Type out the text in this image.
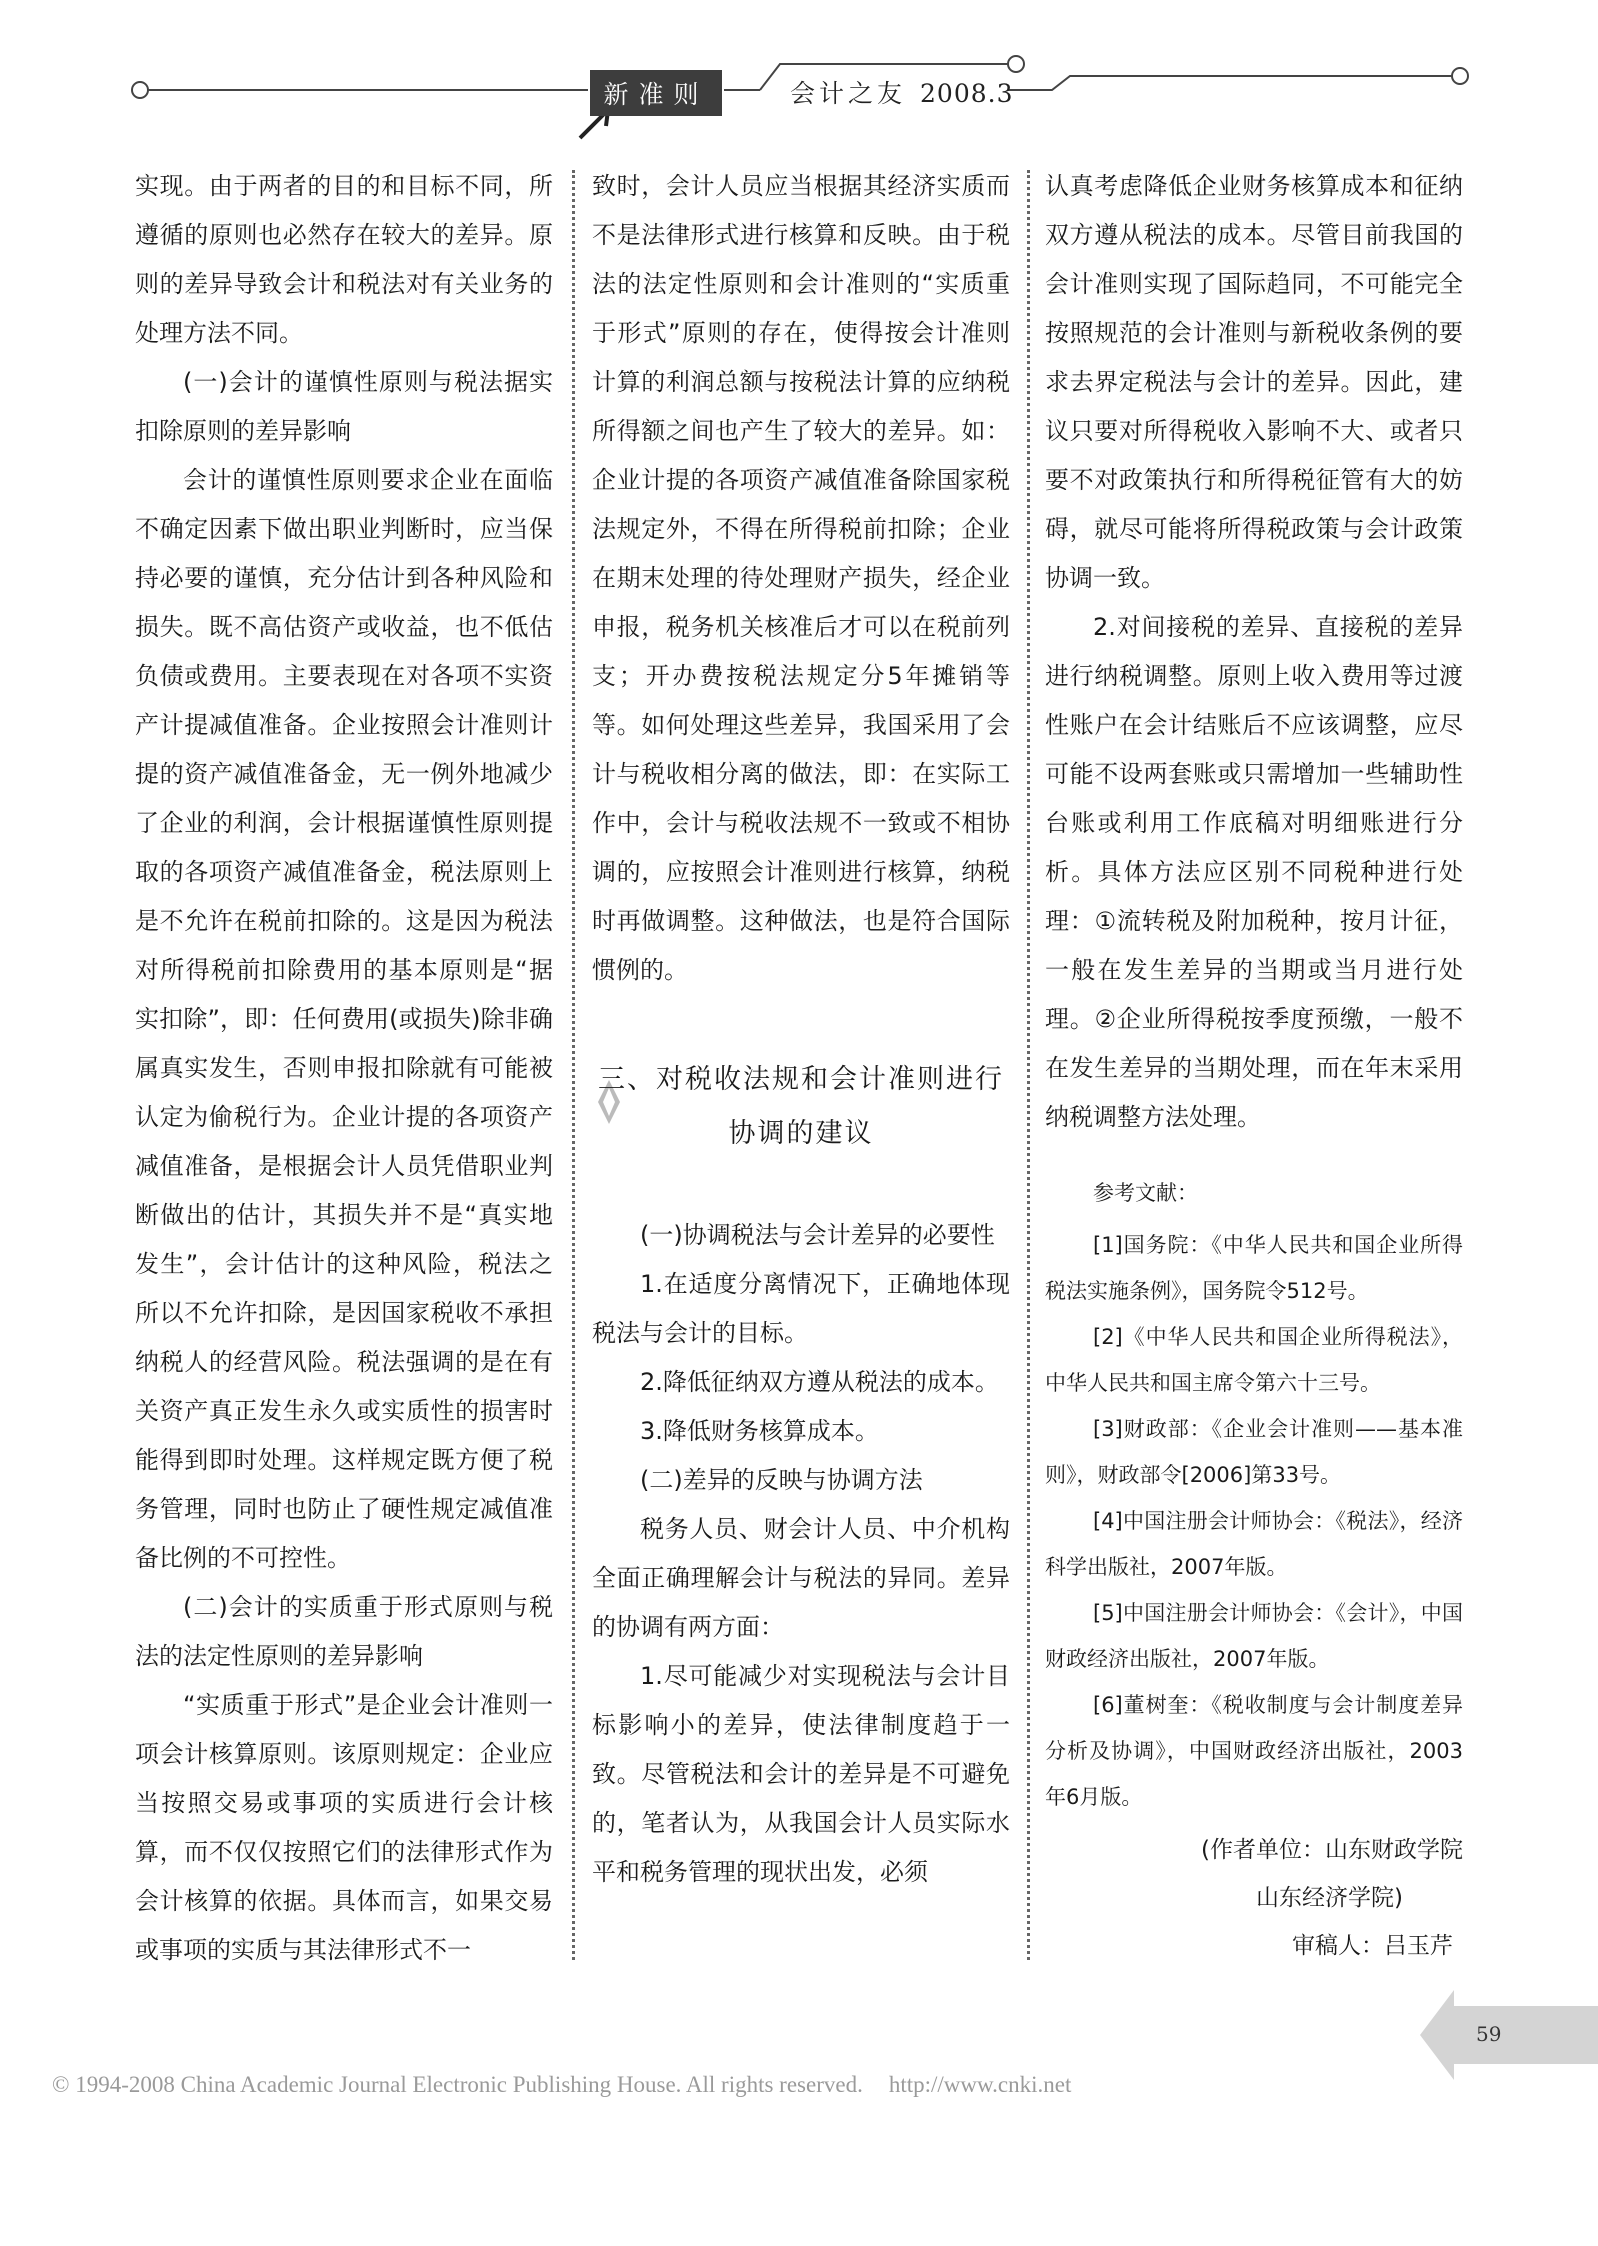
新准则	会计之友 2008.3

实现。由于两者的目的和目标不同，所遵循的原则也必然存在较大的差异。原则的差异导致会计和税法对有关业务的处理方法不同。

(一)会计的谨慎性原则与税法据实扣除原则的差异影响

会计的谨慎性原则要求企业在面临不确定因素下做出职业判断时，应当保持必要的谨慎，充分估计到各种风险和损失。既不高估资产或收益，也不低估负债或费用。主要表现在对各项不实资产计提减值准备。企业按照会计准则计提的资产减值准备金，无一例外地减少了企业的利润，会计根据谨慎性原则提取的各项资产减值准备金，税法原则上是不允许在税前扣除的。这是因为税法对所得税前扣除费用的基本原则是“据实扣除”，即：任何费用(或损失)除非确属真实发生，否则申报扣除就有可能被认定为偷税行为。企业计提的各项资产减值准备，是根据会计人员凭借职业判断做出的估计，其损失并不是“真实地发生”，会计估计的这种风险，税法之所以不允许扣除，是因国家税收不承担纳税人的经营风险。税法强调的是在有关资产真正发生永久或实质性的损害时能得到即时处理。这样规定既方便了税务管理，同时也防止了硬性规定减值准备比例的不可控性。

(二)会计的实质重于形式原则与税法的法定性原则的差异影响

“实质重于形式”是企业会计准则一项会计核算原则。该原则规定：企业应当按照交易或事项的实质进行会计核算，而不仅仅按照它们的法律形式作为会计核算的依据。具体而言，如果交易或事项的实质与其法律形式不一

致时，会计人员应当根据其经济实质而不是法律形式进行核算和反映。由于税法的法定性原则和会计准则的“实质重于形式”原则的存在，使得按会计准则计算的利润总额与按税法计算的应纳税所得额之间也产生了较大的差异。如：企业计提的各项资产减值准备除国家税法规定外，不得在所得税前扣除；企业在期末处理的待处理财产损失，经企业申报，税务机关核准后才可以在税前列支；开办费按税法规定分5年摊销等等。如何处理这些差异，我国采用了会计与税收相分离的做法，即：在实际工作中，会计与税收法规不一致或不相协调的，应按照会计准则进行核算，纳税时再做调整。这种做法，也是符合国际惯例的。

三、对税收法规和会计准则进行协调的建议

(一)协调税法与会计差异的必要性

1.在适度分离情况下，正确地体现税法与会计的目标。

2.降低征纳双方遵从税法的成本。

3.降低财务核算成本。

(二)差异的反映与协调方法

税务人员、财会计人员、中介机构全面正确理解会计与税法的异同。差异的协调有两方面：

1.尽可能减少对实现税法与会计目标影响小的差异，使法律制度趋于一致。尽管税法和会计的差异是不可避免的，笔者认为，从我国会计人员实际水平和税务管理的现状出发，必须

认真考虑降低企业财务核算成本和征纳双方遵从税法的成本。尽管目前我国的会计准则实现了国际趋同，不可能完全按照规范的会计准则与新税收条例的要求去界定税法与会计的差异。因此，建议只要对所得税收入影响不大、或者只要不对政策执行和所得税征管有大的妨碍，就尽可能将所得税政策与会计政策协调一致。

2.对间接税的差异、直接税的差异进行纳税调整。原则上收入费用等过渡性账户在会计结账后不应该调整，应尽可能不设两套账或只需增加一些辅助性台账或利用工作底稿对明细账进行分析。具体方法应区别不同税种进行处理：①流转税及附加税种，按月计征，一般在发生差异的当期或当月进行处理。②企业所得税按季度预缴，一般不在发生差异的当期处理，而在年末采用纳税调整方法处理。

参考文献：

[1]国务院：《中华人民共和国企业所得税法实施条例》，国务院令512号。

[2]《中华人民共和国企业所得税法》，中华人民共和国主席令第六十三号。

[3]财政部：《企业会计准则——基本准则》，财政部令[2006]第33号。

[4]中国注册会计师协会：《税法》，经济科学出版社，2007年版。

[5]中国注册会计师协会：《会计》，中国财政经济出版社，2007年版。

[6]董树奎：《税收制度与会计制度差异分析及协调》，中国财政经济出版社，2003年6月版。

(作者单位：山东财政学院

山东经济学院)

审稿人：吕玉芹

59
© 1994-2008 China Academic Journal Electronic Publishing House. All rights reserved. http://www.cnki.net
